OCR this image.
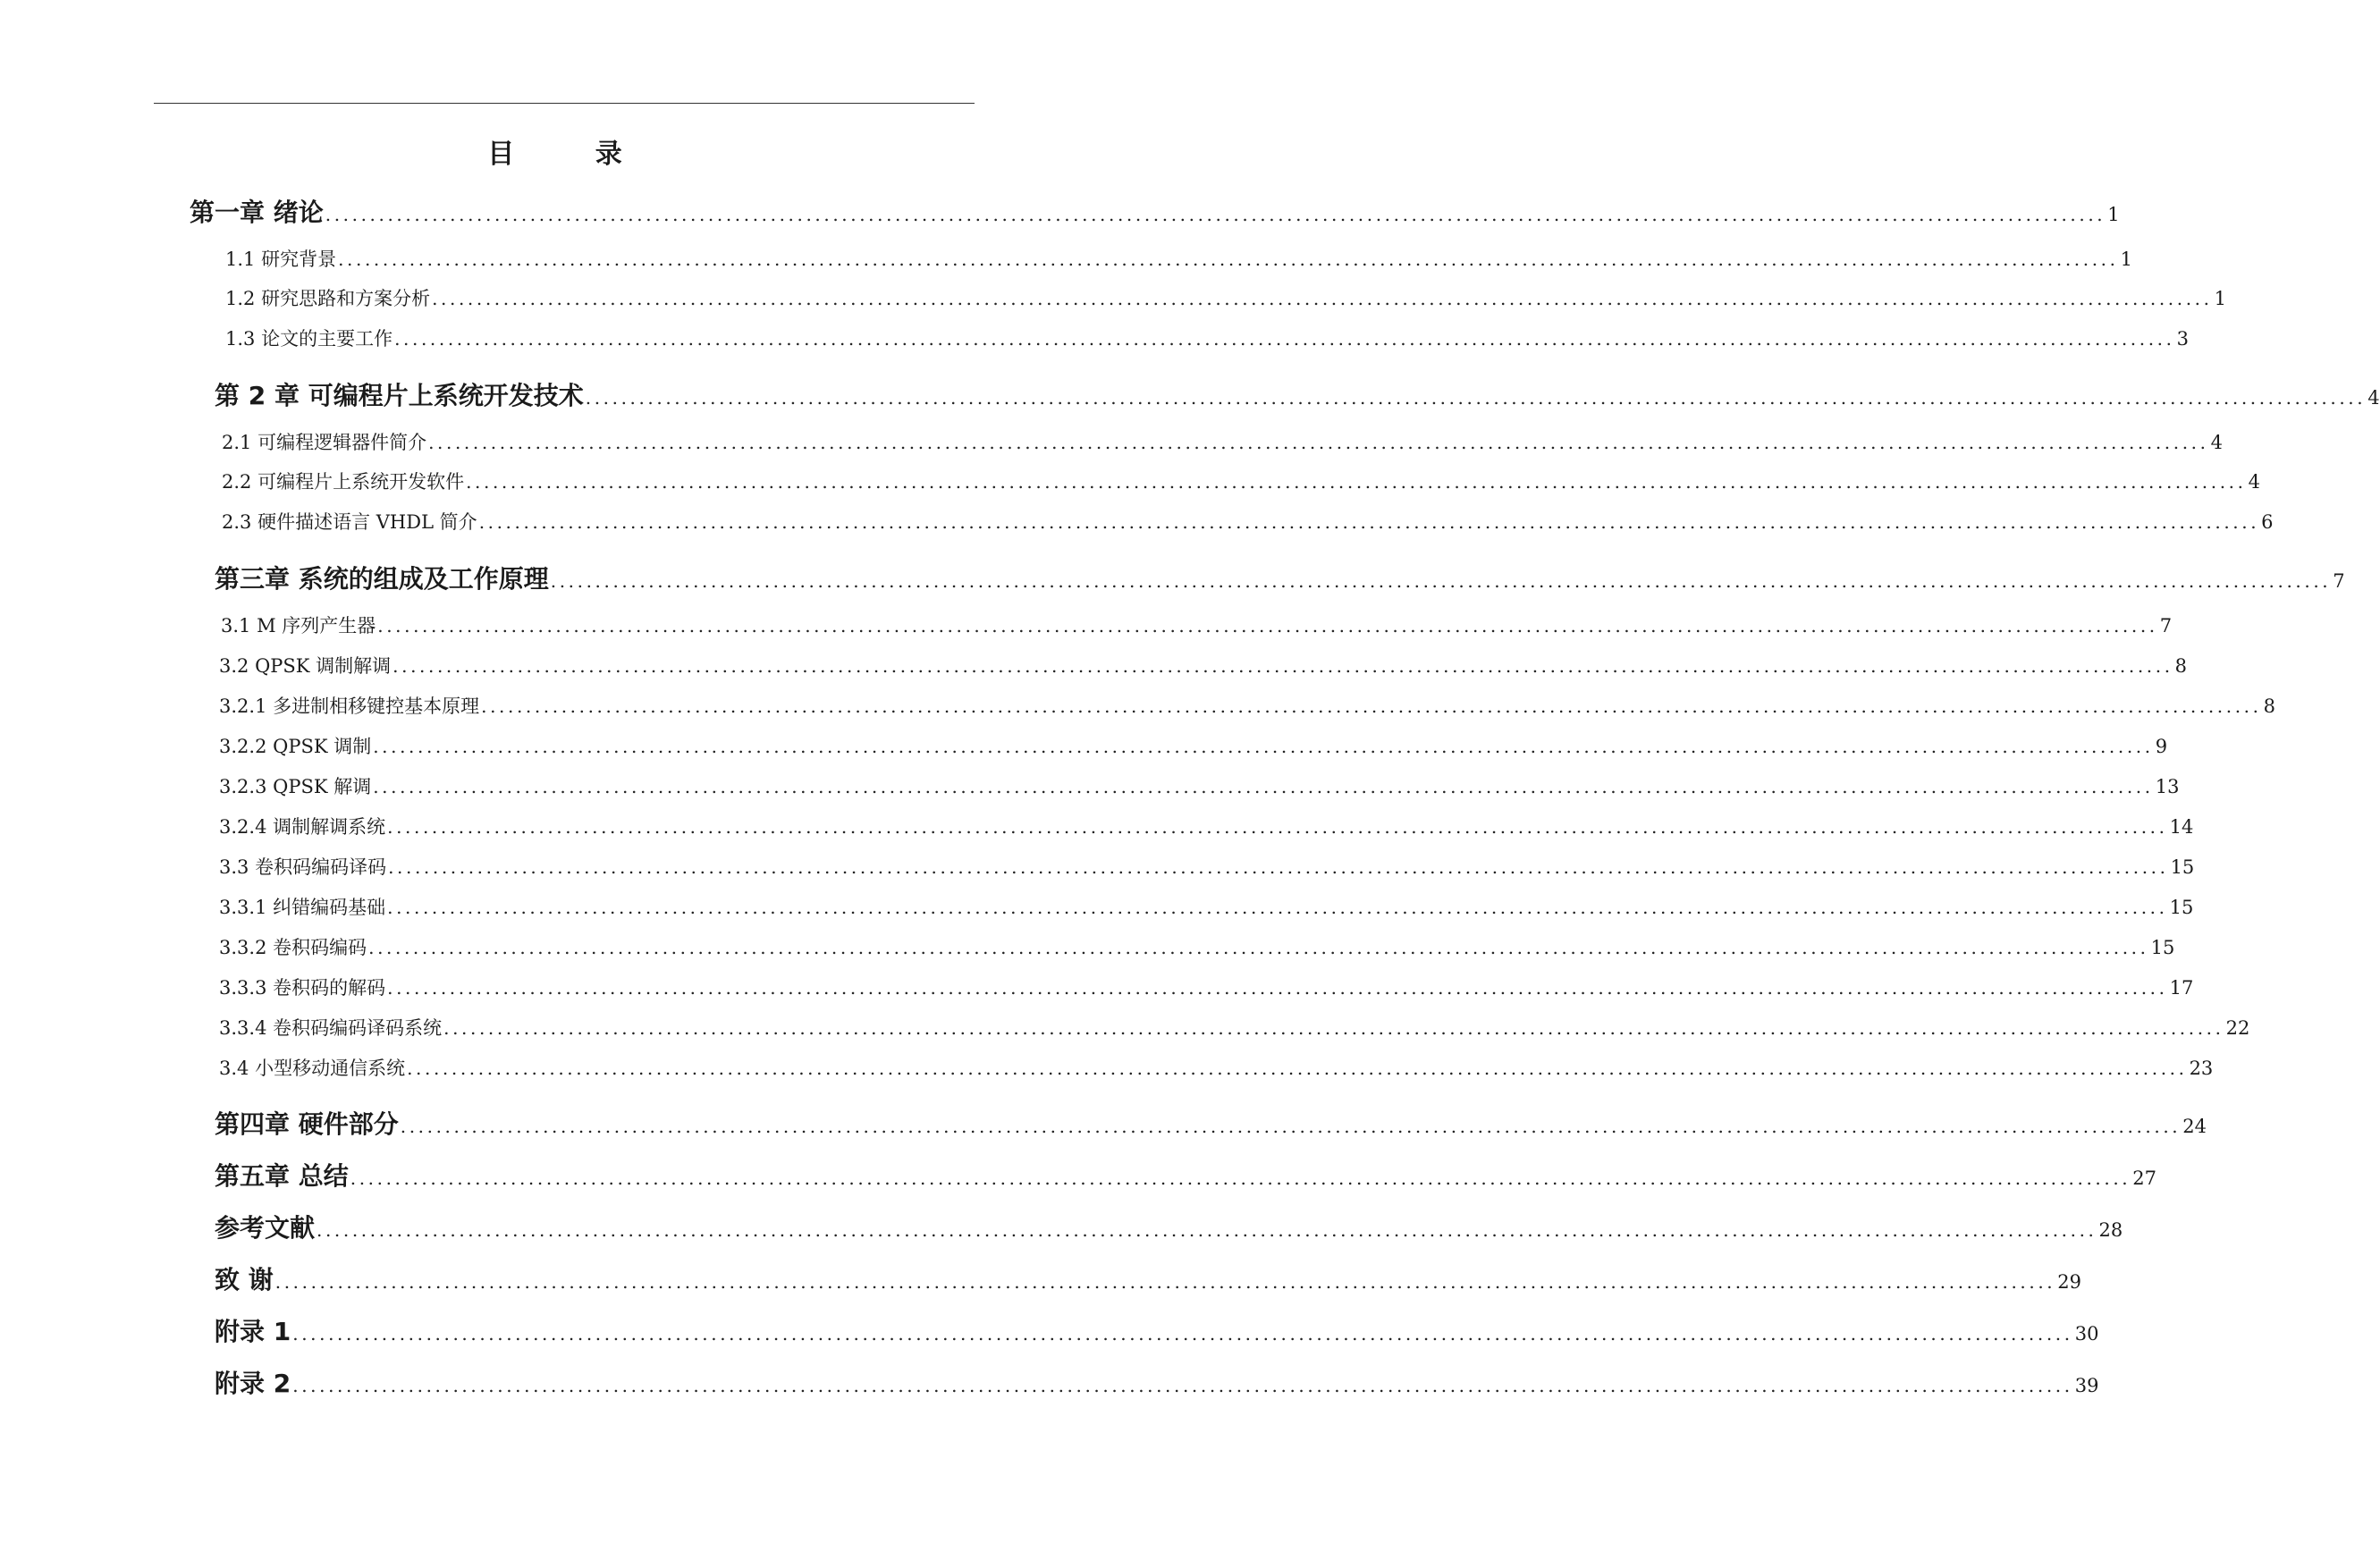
目 录
第一章 绪论 ........................................................................................................................................................................................................ 1
1.1 研究背景 ........................................................................................................................................................................................................ 1
1.2 研究思路和方案分析 ........................................................................................................................................................................................................ 1
1.3 论文的主要工作 ........................................................................................................................................................................................................ 3
第 2 章 可编程片上系统开发技术 ........................................................................................................................................................................................................ 4
2.1 可编程逻辑器件简介 ........................................................................................................................................................................................................ 4
2.2 可编程片上系统开发软件 ........................................................................................................................................................................................................ 4
2.3 硬件描述语言 VHDL 简介 ........................................................................................................................................................................................................ 6
第三章 系统的组成及工作原理 ........................................................................................................................................................................................................ 7
3.1 M 序列产生器 ........................................................................................................................................................................................................ 7
3.2 QPSK 调制解调 ........................................................................................................................................................................................................ 8
3.2.1 多进制相移键控基本原理 ........................................................................................................................................................................................................ 8
3.2.2 QPSK 调制 ........................................................................................................................................................................................................ 9
3.2.3 QPSK 解调 ........................................................................................................................................................................................................ 13
3.2.4 调制解调系统 ........................................................................................................................................................................................................ 14
3.3 卷积码编码译码 ........................................................................................................................................................................................................ 15
3.3.1 纠错编码基础 ........................................................................................................................................................................................................ 15
3.3.2 卷积码编码 ........................................................................................................................................................................................................ 15
3.3.3 卷积码的解码 ........................................................................................................................................................................................................ 17
3.3.4 卷积码编码译码系统 ........................................................................................................................................................................................................ 22
3.4 小型移动通信系统 ........................................................................................................................................................................................................ 23
第四章 硬件部分 ........................................................................................................................................................................................................ 24
第五章 总结 ........................................................................................................................................................................................................ 27
参考文献 ........................................................................................................................................................................................................ 28
致 谢 ........................................................................................................................................................................................................ 29
附录 1 ........................................................................................................................................................................................................ 30
附录 2 ........................................................................................................................................................................................................ 39
